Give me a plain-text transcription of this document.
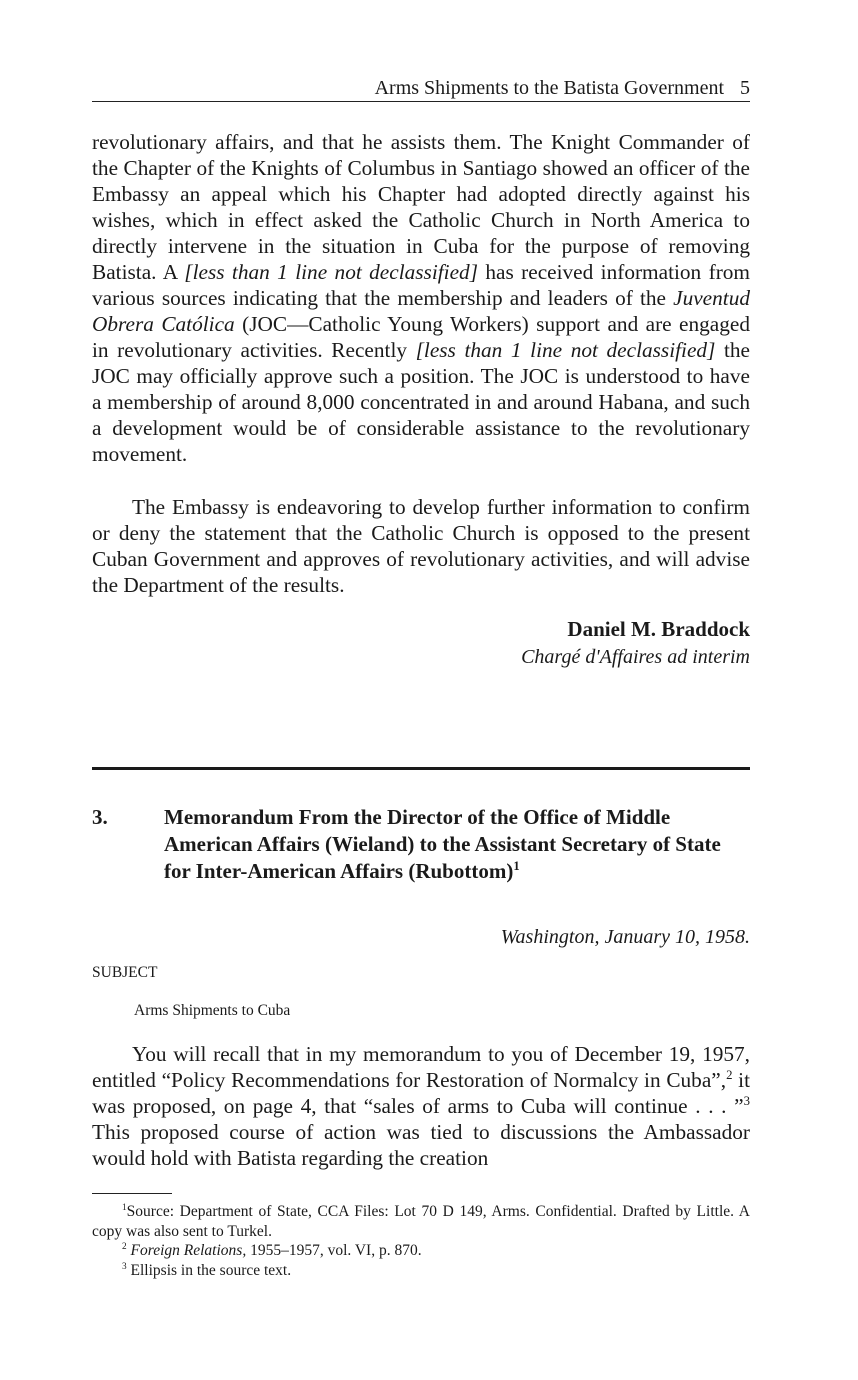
Arms Shipments to the Batista Government 5

revolutionary affairs, and that he assists them. The Knight Commander of the Chapter of the Knights of Columbus in Santiago showed an officer of the Embassy an appeal which his Chapter had adopted directly against his wishes, which in effect asked the Catholic Church in North America to directly intervene in the situation in Cuba for the purpose of removing Batista. A [less than 1 line not declassified] has received information from various sources indicating that the membership and leaders of the Juventud Obrera Católica (JOC—Catholic Young Workers) support and are engaged in revolutionary activities. Recently [less than 1 line not declassified] the JOC may officially approve such a position. The JOC is understood to have a membership of around 8,000 concentrated in and around Habana, and such a development would be of considerable assistance to the revolutionary movement.

The Embassy is endeavoring to develop further information to confirm or deny the statement that the Catholic Church is opposed to the present Cuban Government and approves of revolutionary activities, and will advise the Department of the results.

Daniel M. Braddock
Chargé d'Affaires ad interim
3.	Memorandum From the Director of the Office of Middle American Affairs (Wieland) to the Assistant Secretary of State for Inter-American Affairs (Rubottom)$^1$

Washington, January 10, 1958.
SUBJECT
Arms Shipments to Cuba

You will recall that in my memorandum to you of December 19, 1957, entitled “Policy Recommendations for Restoration of Normalcy in Cuba”,$^2$ it was proposed, on page 4, that “sales of arms to Cuba will continue . . . ”$^3$ This proposed course of action was tied to discussions the Ambassador would hold with Batista regarding the creation

$^1$Source: Department of State, CCA Files: Lot 70 D 149, Arms. Confidential. Drafted by Little. A copy was also sent to Turkel.

$^2$ Foreign Relations, 1955–1957, vol. VI, p. 870.

$^3$ Ellipsis in the source text.
